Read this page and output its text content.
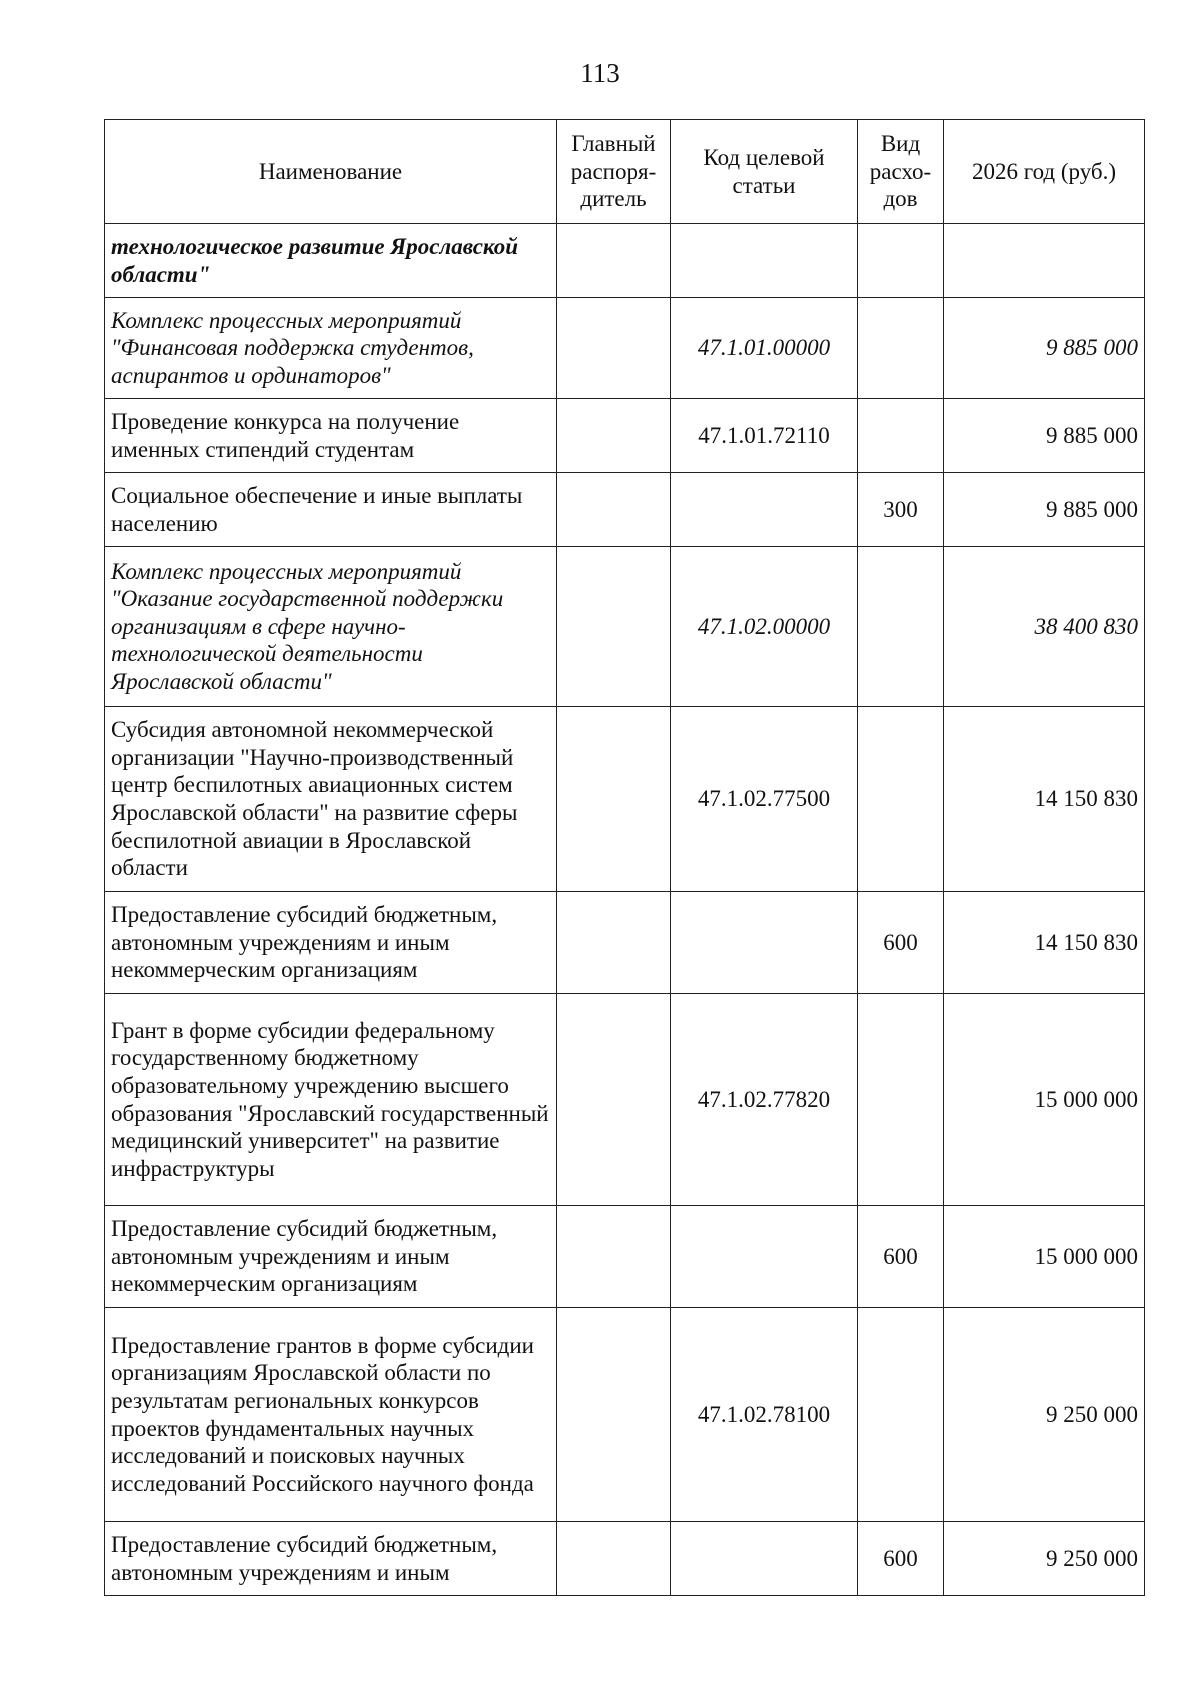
113
Наименование	Главный распоря-дитель	Код целевой статьи	Вид расхо-дов	2026 год (руб.)
технологическое развитие Ярославской области"				
Комплекс процессных мероприятий "Финансовая поддержка студентов, аспирантов и ординаторов"		47.1.01.00000		9 885 000
Проведение конкурса на получение именных стипендий студентам		47.1.01.72110		9 885 000
Социальное обеспечение и иные выплаты населению			300	9 885 000
Комплекс процессных мероприятий "Оказание государственной поддержки организациям в сфере научно-технологической деятельности Ярославской области"		47.1.02.00000		38 400 830
Субсидия автономной некоммерческой организации "Научно-производственный центр беспилотных авиационных систем Ярославской области" на развитие сферы беспилотной авиации в Ярославской области		47.1.02.77500		14 150 830
Предоставление субсидий бюджетным, автономным учреждениям и иным некоммерческим организациям			600	14 150 830
Грант в форме субсидии федеральному государственному бюджетному образовательному учреждению высшего образования "Ярославский государственный медицинский университет" на развитие инфраструктуры		47.1.02.77820		15 000 000
Предоставление субсидий бюджетным, автономным учреждениям и иным некоммерческим организациям			600	15 000 000
Предоставление грантов в форме субсидии организациям Ярославской области по результатам региональных конкурсов проектов фундаментальных научных исследований и поисковых научных исследований Российского научного фонда		47.1.02.78100		9 250 000
Предоставление субсидий бюджетным, автономным учреждениям и иным			600	9 250 000
